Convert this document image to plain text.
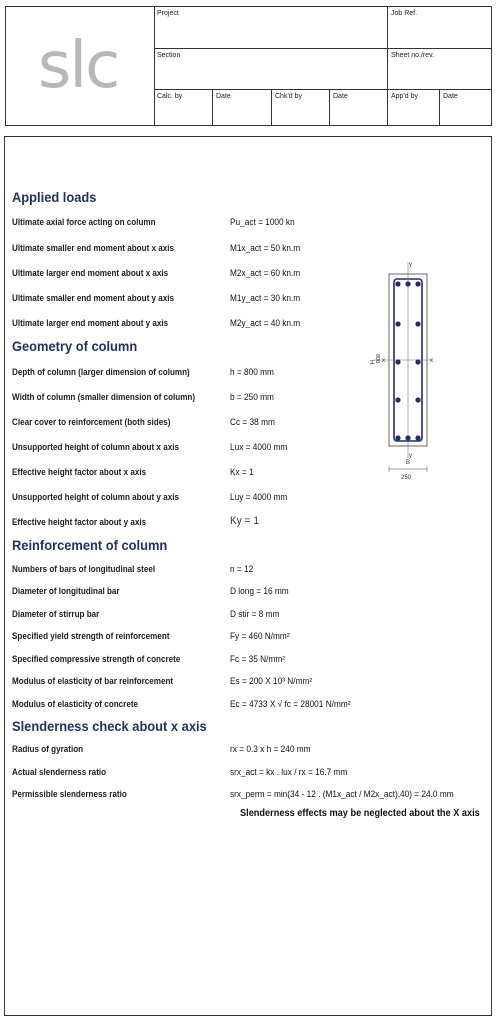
slc
Project	Job Ref.
Section	Sheet no./rev.
Calc. by	Date	Chk'd by	Date	App'd by	Date
Applied loads
Ultimate axial force acting on column	Pu_act = 1000 kn
Ultimate smaller end moment about x axis	M1x_act = 50 kn.m
Ultimate larger end moment about x axis	M2x_act = 60 kn.m
Ultimate smaller end moment about y axis	M1y_act = 30 kn.m
Ultimate larger end moment about y axis	M2y_act = 40 kn.m
Geometry of column
Depth of column (larger dimension of column)	h = 800 mm
Width of column (smaller dimension of column)	b = 250 mm
Clear cover to reinforcement (both sides)	Cc = 38 mm
Unsupported height of column about x axis	Lux = 4000 mm
Effective height factor about x axis	Kx = 1
Unsupported height of column about y axis	Luy = 4000 mm
Effective height factor about y axis	Ky = 1
Reinforcement of column
Numbers of bars of longitudinal steel	n = 12
Diameter of longitudinal bar	D long = 16 mm
Diameter of stirrup bar	D stir = 8 mm
Specified yield strength of reinforcement	Fy = 460 N/mm²
Specified compressive strength of concrete	Fc = 35 N/mm²
Modulus of elasticity of bar reinforcement	Es = 200 X 10³ N/mm²
Modulus of elasticity of concrete	Ec = 4733 X √ fc = 28001 N/mm²
Slenderness check about x axis
Radius of gyration	rx = 0.3 x h = 240 mm
Actual slenderness ratio	srx_act = kx . lux / rx = 16.7 mm
Permissible slenderness ratio	srx_perm = min(34 - 12 . (M1x_act / M2x_act),40) = 24.0 mm
Slenderness effects may be neglected about the X axis
y
y
x	x
H 800
B
250
